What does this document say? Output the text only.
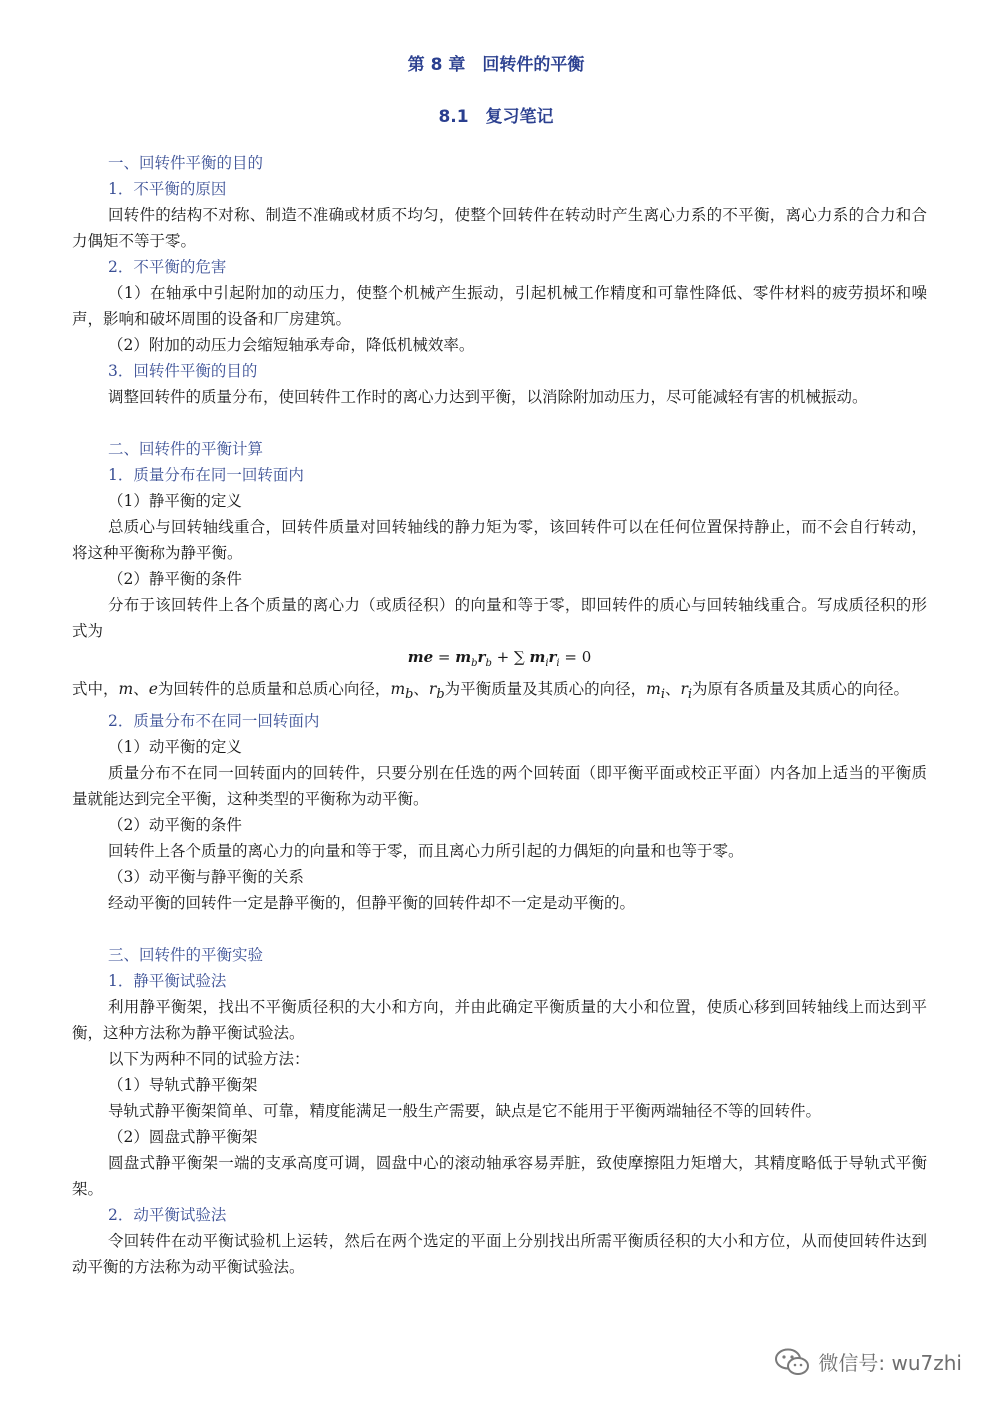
第 8 章　回转件的平衡
8.1　复习笔记

一、回转件平衡的目的

1．不平衡的原因

回转件的结构不对称、制造不准确或材质不均匀，使整个回转件在转动时产生离心力系的不平衡，离心力系的合力和合力偶矩不等于零。

2．不平衡的危害

（1）在轴承中引起附加的动压力，使整个机械产生振动，引起机械工作精度和可靠性降低、零件材料的疲劳损坏和噪声，影响和破坏周围的设备和厂房建筑。

（2）附加的动压力会缩短轴承寿命，降低机械效率。

3．回转件平衡的目的

调整回转件的质量分布，使回转件工作时的离心力达到平衡，以消除附加动压力，尽可能减轻有害的机械振动。

二、回转件的平衡计算

1．质量分布在同一回转面内

（1）静平衡的定义

总质心与回转轴线重合，回转件质量对回转轴线的静力矩为零，该回转件可以在任何位置保持静止，而不会自行转动，将这种平衡称为静平衡。

（2）静平衡的条件

分布于该回转件上各个质量的离心力（或质径积）的向量和等于零，即回转件的质心与回转轴线重合。写成质径积的形式为

me = $m_br_b$ + ∑ $m_ir_i = 0$

式中，m、e为回转件的总质量和总质心向径，$m_b$、$r_b$为平衡质量及其质心的向径，$m_i$、$r_i$为原有各质量及其质心的向径。

2．质量分布不在同一回转面内

（1）动平衡的定义

质量分布不在同一回转面内的回转件，只要分别在任选的两个回转面（即平衡平面或校正平面）内各加上适当的平衡质量就能达到完全平衡，这种类型的平衡称为动平衡。

（2）动平衡的条件

回转件上各个质量的离心力的向量和等于零，而且离心力所引起的力偶矩的向量和也等于零。

（3）动平衡与静平衡的关系

经动平衡的回转件一定是静平衡的，但静平衡的回转件却不一定是动平衡的。

三、回转件的平衡实验

1．静平衡试验法

利用静平衡架，找出不平衡质径积的大小和方向，并由此确定平衡质量的大小和位置，使质心移到回转轴线上而达到平衡，这种方法称为静平衡试验法。

以下为两种不同的试验方法：

（1）导轨式静平衡架

导轨式静平衡架简单、可靠，精度能满足一般生产需要，缺点是它不能用于平衡两端轴径不等的回转件。

（2）圆盘式静平衡架

圆盘式静平衡架一端的支承高度可调，圆盘中心的滚动轴承容易弄脏，致使摩擦阻力矩增大，其精度略低于导轨式平衡架。

2．动平衡试验法

令回转件在动平衡试验机上运转，然后在两个选定的平面上分别找出所需平衡质径积的大小和方位，从而使回转件达到动平衡的方法称为动平衡试验法。

微信号: wu7zhi
